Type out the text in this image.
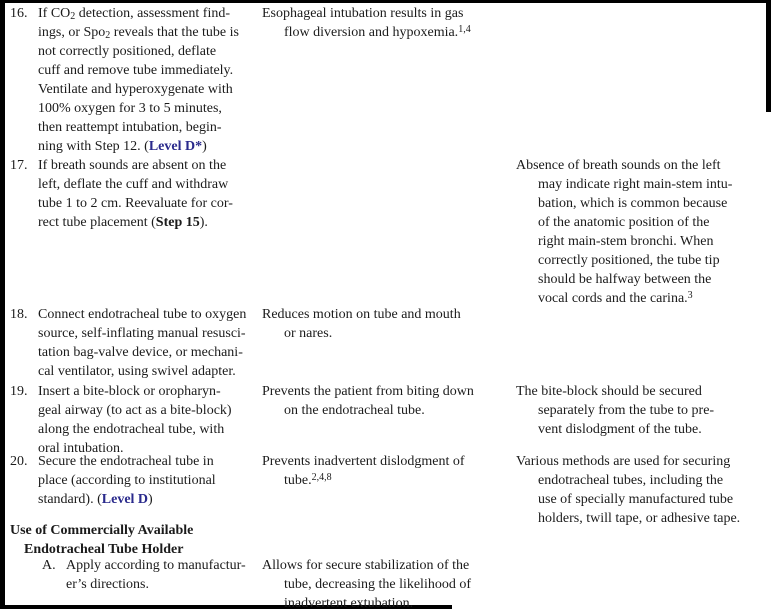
16. If CO2 detection, assessment find-
ings, or Spo2 reveals that the tube is
not correctly positioned, deflate
cuff and remove tube immediately.
Ventilate and hyperoxygenate with
100% oxygen for 3 to 5 minutes,
then reattempt intubation, begin-
ning with Step 12. (Level D*)
Esophageal intubation results in gas
flow diversion and hypoxemia.$^{1,4}$
17. If breath sounds are absent on the
left, deflate the cuff and withdraw
tube 1 to 2 cm. Reevaluate for cor-
rect tube placement (Step 15).
Absence of breath sounds on the left
may indicate right main-stem intu-
bation, which is common because
of the anatomic position of the
right main-stem bronchi. When
correctly positioned, the tube tip
should be halfway between the
vocal cords and the carina.$^3$
18. Connect endotracheal tube to oxygen
source, self-inflating manual resusci-
tation bag-valve device, or mechani-
cal ventilator, using swivel adapter.
Reduces motion on tube and mouth
or nares.
19. Insert a bite-block or oropharyn-
geal airway (to act as a bite-block)
along the endotracheal tube, with
oral intubation.
Prevents the patient from biting down
on the endotracheal tube.
The bite-block should be secured
separately from the tube to pre-
vent dislodgment of the tube.
20. Secure the endotracheal tube in
place (according to institutional
standard). (Level D)
Prevents inadvertent dislodgment of
tube.$^{2,4,8}$
Various methods are used for securing
endotracheal tubes, including the
use of specially manufactured tube
holders, twill tape, or adhesive tape.
Use of Commercially Available
Endotracheal Tube Holder
A. Apply according to manufactur-
er’s directions.
Allows for secure stabilization of the
tube, decreasing the likelihood of
inadvertent extubation.
